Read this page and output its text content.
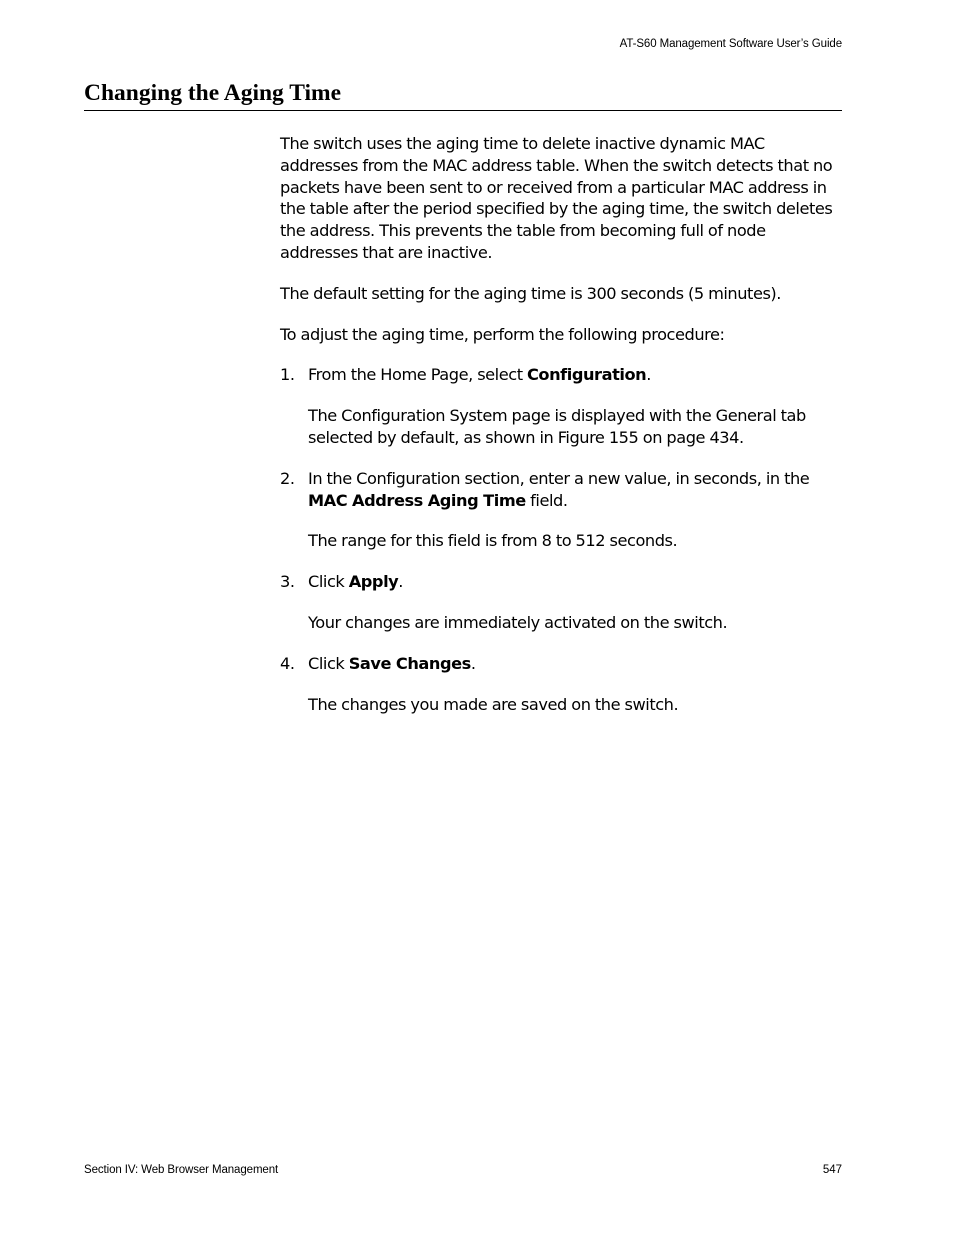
AT-S60 Management Software User’s Guide
Changing the Aging Time

The switch uses the aging time to delete inactive dynamic MAC addresses from the MAC address table. When the switch detects that no packets have been sent to or received from a particular MAC address in the table after the period specified by the aging time, the switch deletes the address. This prevents the table from becoming full of node addresses that are inactive.

The default setting for the aging time is 300 seconds (5 minutes).

To adjust the aging time, perform the following procedure:

1. From the Home Page, select Configuration.

The Configuration System page is displayed with the General tab selected by default, as shown in Figure 155 on page 434.

2. In the Configuration section, enter a new value, in seconds, in the MAC Address Aging Time field.

The range for this field is from 8 to 512 seconds.

3. Click Apply.

Your changes are immediately activated on the switch.

4. Click Save Changes.

The changes you made are saved on the switch.

Section IV: Web Browser Management	547
